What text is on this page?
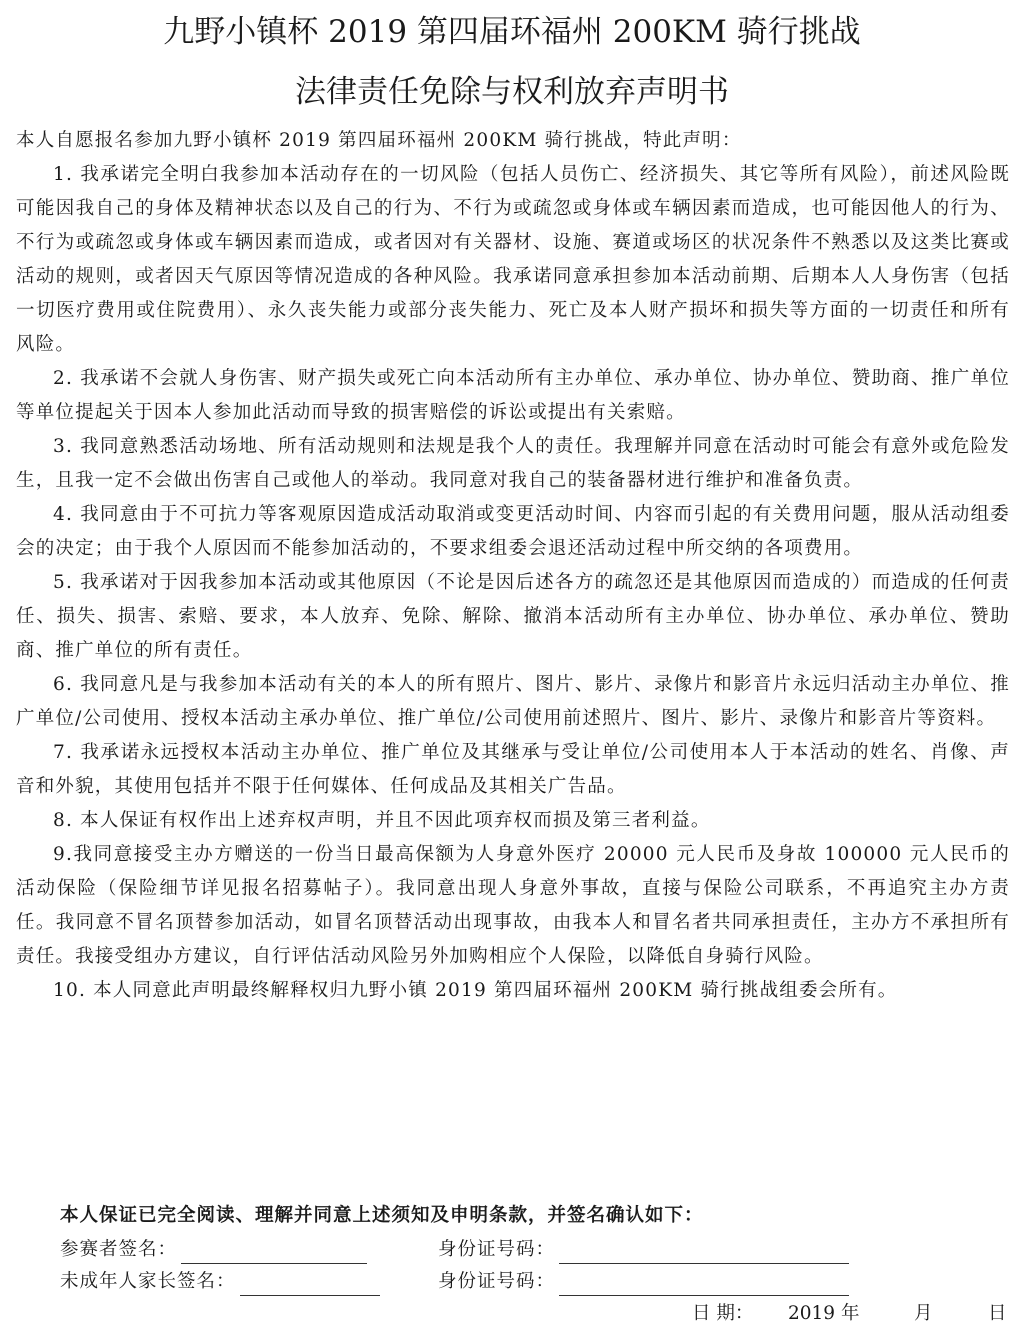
九野小镇杯 2019 第四届环福州 200KM 骑行挑战
法律责任免除与权利放弃声明书

本人自愿报名参加九野小镇杯 2019 第四届环福州 200KM 骑行挑战，特此声明：

1. 我承诺完全明白我参加本活动存在的一切风险（包括人员伤亡、经济损失、其它等所有风险），前述风险既可能因我自己的身体及精神状态以及自己的行为、不行为或疏忽或身体或车辆因素而造成，也可能因他人的行为、不行为或疏忽或身体或车辆因素而造成，或者因对有关器材、设施、赛道或场区的状况条件不熟悉以及这类比赛或活动的规则，或者因天气原因等情况造成的各种风险。我承诺同意承担参加本活动前期、后期本人人身伤害（包括一切医疗费用或住院费用）、永久丧失能力或部分丧失能力、死亡及本人财产损坏和损失等方面的一切责任和所有风险。

2. 我承诺不会就人身伤害、财产损失或死亡向本活动所有主办单位、承办单位、协办单位、赞助商、推广单位等单位提起关于因本人参加此活动而导致的损害赔偿的诉讼或提出有关索赔。

3. 我同意熟悉活动场地、所有活动规则和法规是我个人的责任。我理解并同意在活动时可能会有意外或危险发生，且我一定不会做出伤害自己或他人的举动。我同意对我自己的装备器材进行维护和准备负责。

4. 我同意由于不可抗力等客观原因造成活动取消或变更活动时间、内容而引起的有关费用问题，服从活动组委会的决定；由于我个人原因而不能参加活动的，不要求组委会退还活动过程中所交纳的各项费用。

5. 我承诺对于因我参加本活动或其他原因（不论是因后述各方的疏忽还是其他原因而造成的）而造成的任何责任、损失、损害、索赔、要求，本人放弃、免除、解除、撤消本活动所有主办单位、协办单位、承办单位、赞助商、推广单位的所有责任。

6. 我同意凡是与我参加本活动有关的本人的所有照片、图片、影片、录像片和影音片永远归活动主办单位、推广单位/公司使用、授权本活动主承办单位、推广单位/公司使用前述照片、图片、影片、录像片和影音片等资料。

7. 我承诺永远授权本活动主办单位、推广单位及其继承与受让单位/公司使用本人于本活动的姓名、肖像、声音和外貌，其使用包括并不限于任何媒体、任何成品及其相关广告品。

8. 本人保证有权作出上述弃权声明，并且不因此项弃权而损及第三者利益。

9.我同意接受主办方赠送的一份当日最高保额为人身意外医疗 20000 元人民币及身故 100000 元人民币的活动保险（保险细节详见报名招募帖子）。我同意出现人身意外事故，直接与保险公司联系，不再追究主办方责任。我同意不冒名顶替参加活动，如冒名顶替活动出现事故，由我本人和冒名者共同承担责任，主办方不承担所有责任。我接受组办方建议，自行评估活动风险另外加购相应个人保险，以降低自身骑行风险。

10. 本人同意此声明最终解释权归九野小镇 2019 第四届环福州 200KM 骑行挑战组委会所有。

本人保证已完全阅读、理解并同意上述须知及申明条款，并签名确认如下：
参赛者签名：	身份证号码：
未成年人家长签名：	身份证号码：
日 期： 2019 年	月	日
